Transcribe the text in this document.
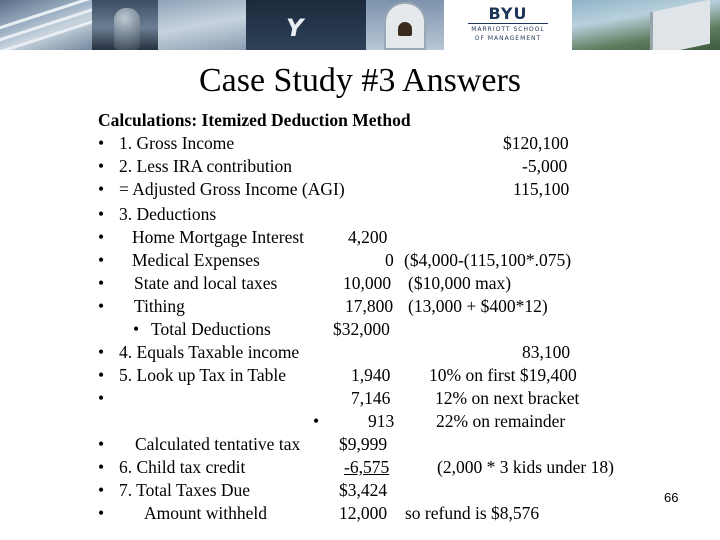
Y
BYU
MARRIOTT SCHOOL
OF MANAGEMENT
Case Study #3 Answers
Calculations: Itemized Deduction Method
• 1. Gross Income	$120,100
• 2. Less IRA contribution	-5,000
• = Adjusted Gross Income (AGI)	115,100
• 3. Deductions
• Home Mortgage Interest	4,200
• Medical Expenses	0 ($4,000-(115,100*.075)
• State and local taxes	10,000 ($10,000 max)
• Tithing	17,800 (13,000 + $400*12)
• Total Deductions	$32,000
• 4. Equals Taxable income	83,100
• 5. Look up Tax in Table	1,940 10% on first $19,400
•	7,146	12% on next bracket
•	913 22% on remainder
• Calculated tentative tax $9,999
• 6. Child tax credit	-6,575	(2,000 * 3 kids under 18)
• 7. Total Taxes Due	$3,424
• Amount withheld	12,000 so refund is $8,576
66
